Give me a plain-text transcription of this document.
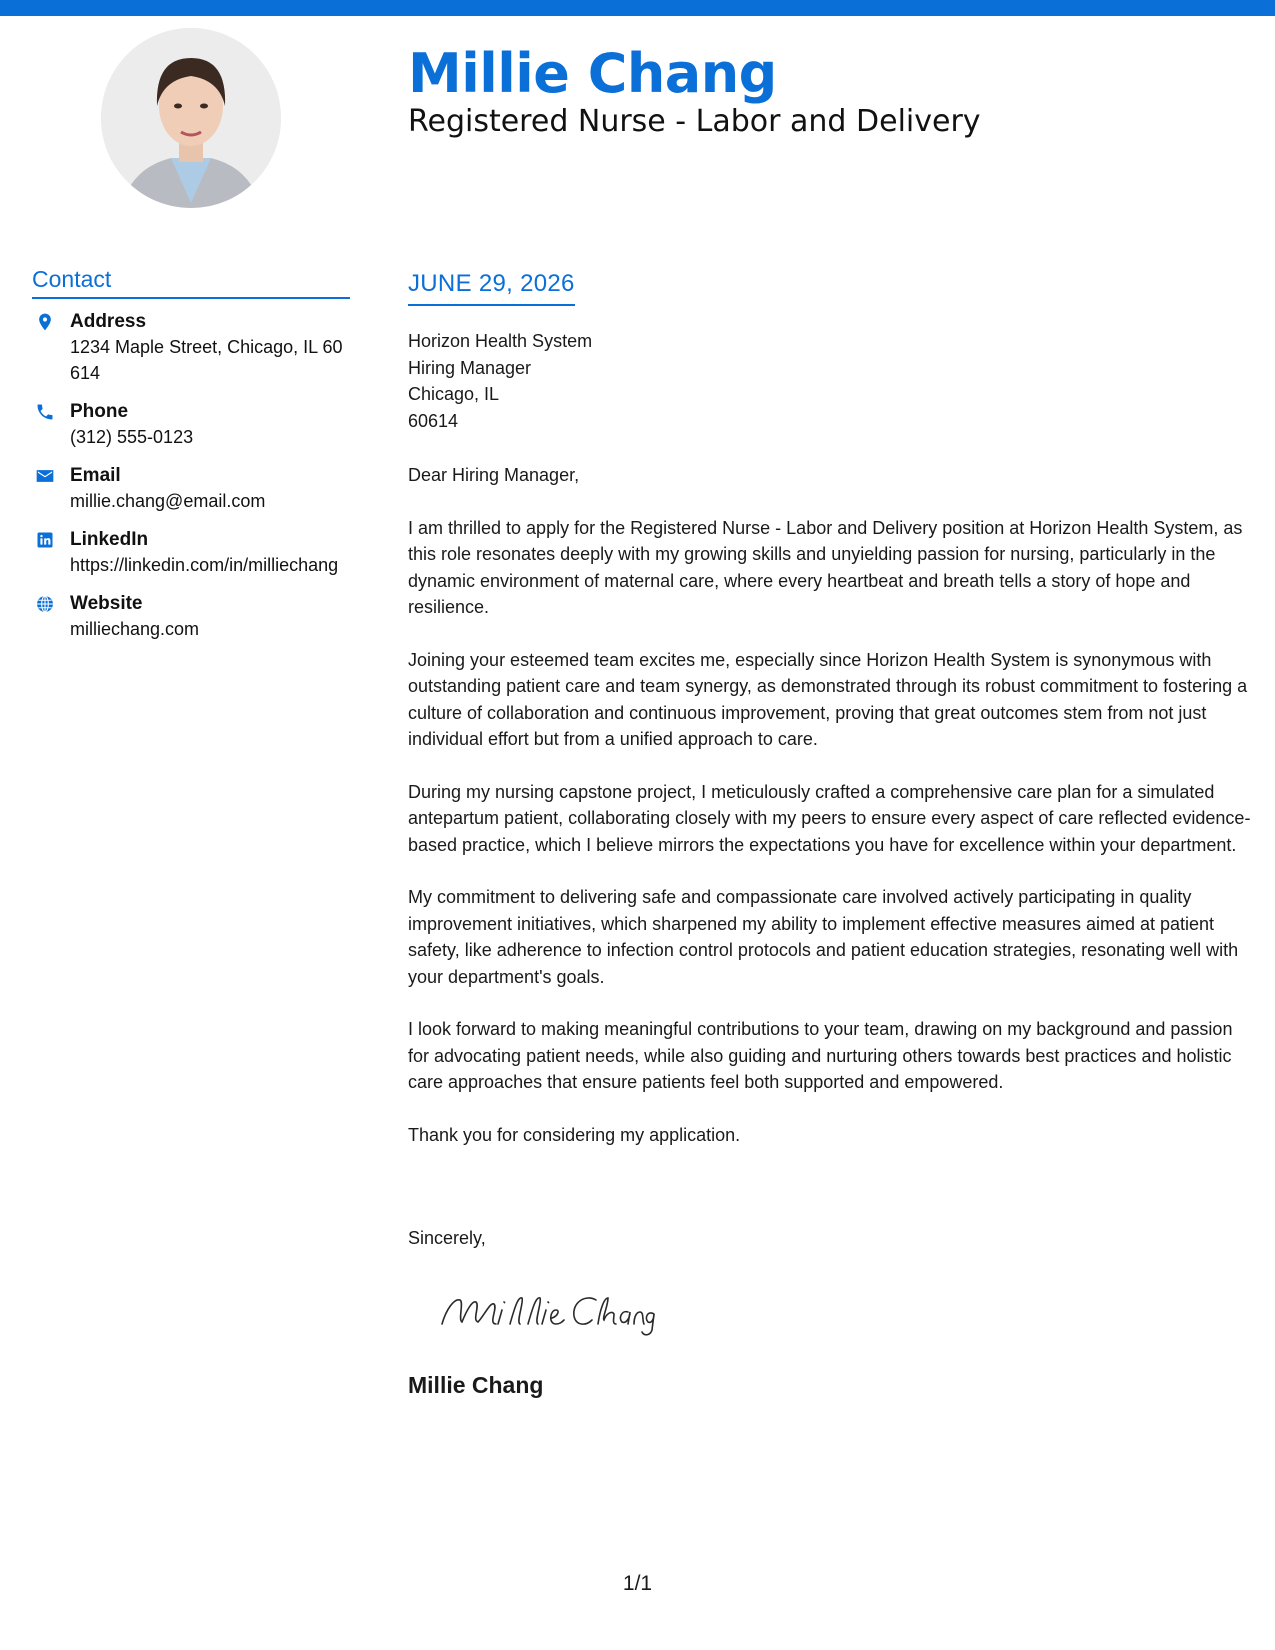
Millie Chang
Registered Nurse - Labor and Delivery
Contact
Address
1234 Maple Street, Chicago, IL 60614
Phone
(312) 555-0123
Email
millie.chang@email.com
LinkedIn
https://linkedin.com/in/milliechang
Website
milliechang.com
JUNE 29, 2026
Horizon Health System
Hiring Manager
Chicago, IL
60614

Dear Hiring Manager,

I am thrilled to apply for the Registered Nurse - Labor and Delivery position at Horizon Health System, as this role resonates deeply with my growing skills and unyielding passion for nursing, particularly in the dynamic environment of maternal care, where every heartbeat and breath tells a story of hope and resilience.

Joining your esteemed team excites me, especially since Horizon Health System is synonymous with outstanding patient care and team synergy, as demonstrated through its robust commitment to fostering a culture of collaboration and continuous improvement, proving that great outcomes stem from not just individual effort but from a unified approach to care.

During my nursing capstone project, I meticulously crafted a comprehensive care plan for a simulated antepartum patient, collaborating closely with my peers to ensure every aspect of care reflected evidence-based practice, which I believe mirrors the expectations you have for excellence within your department.

My commitment to delivering safe and compassionate care involved actively participating in quality improvement initiatives, which sharpened my ability to implement effective measures aimed at patient safety, like adherence to infection control protocols and patient education strategies, resonating well with your department's goals.

I look forward to making meaningful contributions to your team, drawing on my background and passion for advocating patient needs, while also guiding and nurturing others towards best practices and holistic care approaches that ensure patients feel both supported and empowered.

Thank you for considering my application.

Sincerely,
Millie Chang
1/1
